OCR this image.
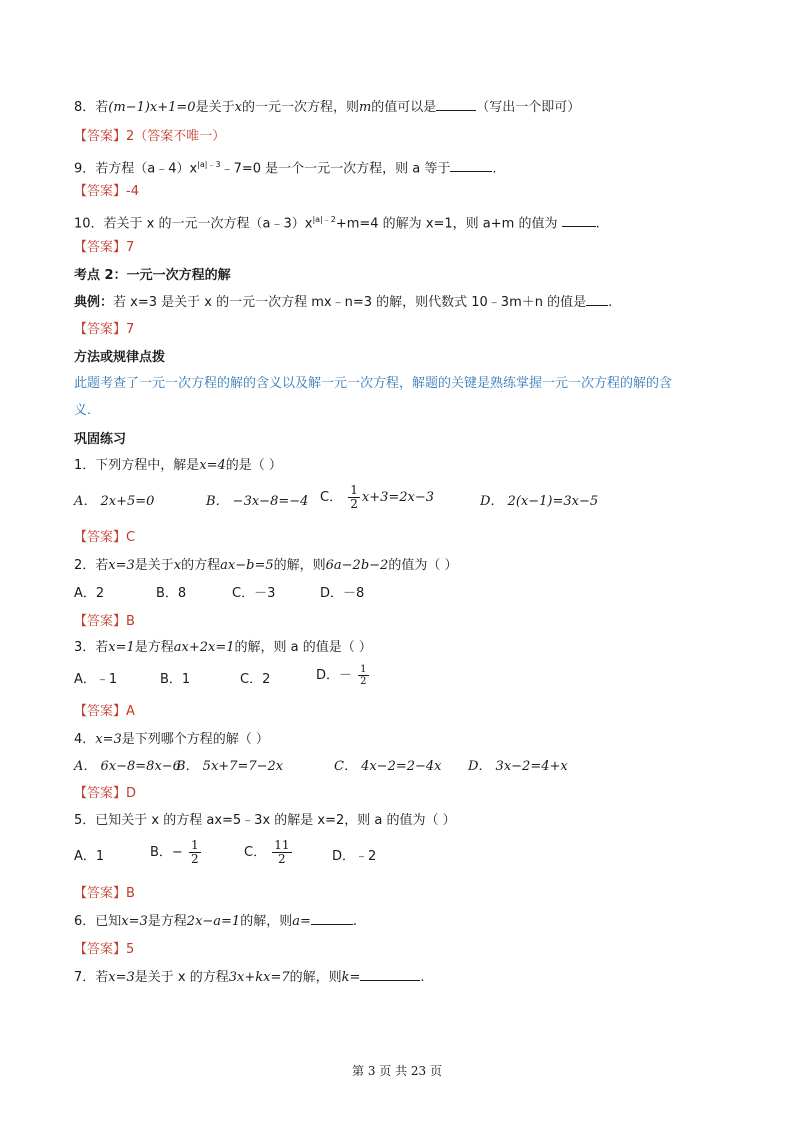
8．若(m−1)x+1=0是关于x的一元一次方程，则m的值可以是	（写出一个即可）
【答案】2（答案不唯一）
9．若方程$(a﹣4)x^{|a|﹣3}﹣7=0$ 是一个一元一次方程，则 a 等于	.
【答案】-4
10．若关于 x 的一元一次方程$(a﹣3)x^{|a|﹣2}+m=4$ 的解为 x=1，则 a+m 的值为	.
【答案】7
考点 2：一元一次方程的解
典例：若 x=3 是关于 x 的一元一次方程 mx﹣n=3 的解，则代数式 10﹣3m＋n 的值是 .
【答案】7
方法或规律点拨
此题考查了一元一次方程的解的含义以及解一元一次方程，解题的关键是熟练掌握一元一次方程的解的含
义.
巩固练习
1．下列方程中，解是x=4的是（ ）
A． 2x+5=0	B． −3x−8=−4 C． $\frac{1}{2} x+3=2x-3$	D． 2(x−1)=3x−5
【答案】C
2．若x=3是关于x的方程ax−b=5的解，则6a−2b−2的值为（ ）
A．2	B．8	C．－3	D．－8
【答案】B
3．若x=1是方程ax+2x=1的解，则 a 的值是（ ）
A．﹣1	B．1	C．2	D．－ $\frac{1}{2}$
【答案】A
4．x=3是下列哪个方程的解（ ）
A． 6x−8=8x−6
B． 5x+7=7−2x	C． 4x−2=2−4x D． 3x−2=4+x
【答案】D
5．已知关于 x 的方程 ax=5﹣3x 的解是 x=2，则 a 的值为（ ）
A．1	B．− $\frac{1}{2}$	C． $\frac{11}{2}$	D．﹣2
【答案】B
6．已知x=3是方程2x−a=1的解，则a=	.
【答案】5
7．若x=3是关于 x 的方程3x+kx=7的解，则k=	.
第 3 页 共 23 页
